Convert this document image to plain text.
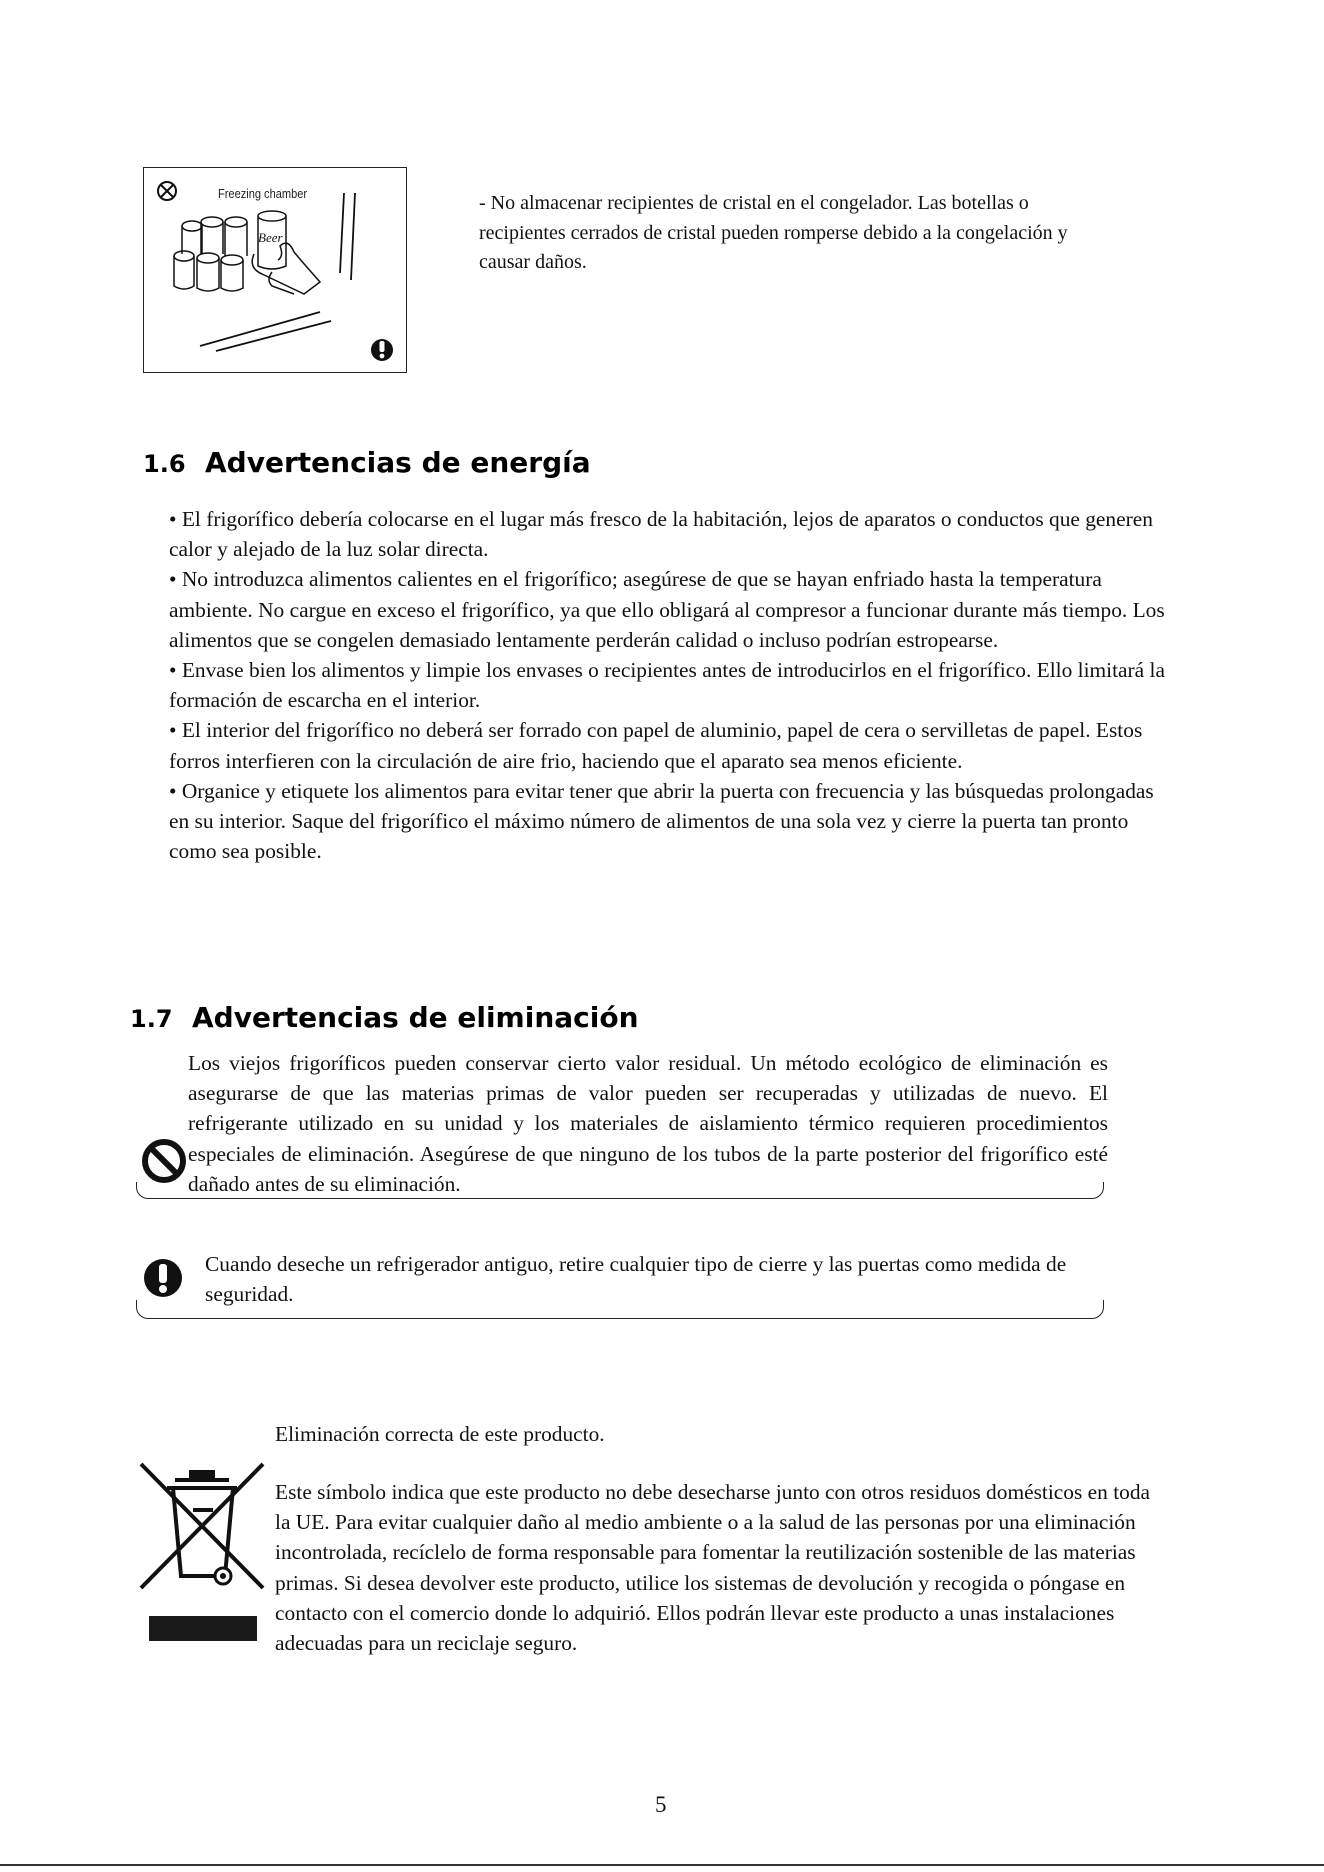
Beer
Freezing chamber	- No almacenar recipientes de cristal en el congelador. Las botellas o recipientes cerrados de cristal pueden romperse debido a la congelación y causar daños.
1.6 Advertencias de energía

• El frigorífico debería colocarse en el lugar más fresco de la habitación, lejos de aparatos o conductos que generen calor y alejado de la luz solar directa.

• No introduzca alimentos calientes en el frigorífico; asegúrese de que se hayan enfriado hasta la temperatura ambiente. No cargue en exceso el frigorífico, ya que ello obligará al compresor a funcionar durante más tiempo. Los alimentos que se congelen demasiado lentamente perderán calidad o incluso podrían estropearse.

• Envase bien los alimentos y limpie los envases o recipientes antes de introducirlos en el frigorífico. Ello limitará la formación de escarcha en el interior.

• El interior del frigorífico no deberá ser forrado con papel de aluminio, papel de cera o servilletas de papel. Estos forros interfieren con la circulación de aire frio, haciendo que el aparato sea menos eficiente.

• Organice y etiquete los alimentos para evitar tener que abrir la puerta con frecuencia y las búsquedas prolongadas en su interior. Saque del frigorífico el máximo número de alimentos de una sola vez y cierre la puerta tan pronto como sea posible.

1.7 Advertencias de eliminación

Los viejos frigoríficos pueden conservar cierto valor residual. Un método ecológico de eliminación es asegurarse de que las materias primas de valor pueden ser recuperadas y utilizadas de nuevo. El refrigerante utilizado en su unidad y los materiales de aislamiento térmico requieren procedimientos especiales de eliminación. Asegúrese de que ninguno de los tubos de la parte posterior del frigorífico esté dañado antes de su eliminación.

Cuando deseche un refrigerador antiguo, retire cualquier tipo de cierre y las puertas como medida de seguridad.
Eliminación correcta de este producto.
Este símbolo indica que este producto no debe desecharse junto con otros residuos domésticos en toda la UE. Para evitar cualquier daño al medio ambiente o a la salud de las personas por una eliminación incontrolada, recíclelo de forma responsable para fomentar la reutilización sostenible de las materias primas. Si desea devolver este producto, utilice los sistemas de devolución y recogida o póngase en contacto con el comercio donde lo adquirió. Ellos podrán llevar este producto a unas instalaciones adecuadas para un reciclaje seguro.
5
